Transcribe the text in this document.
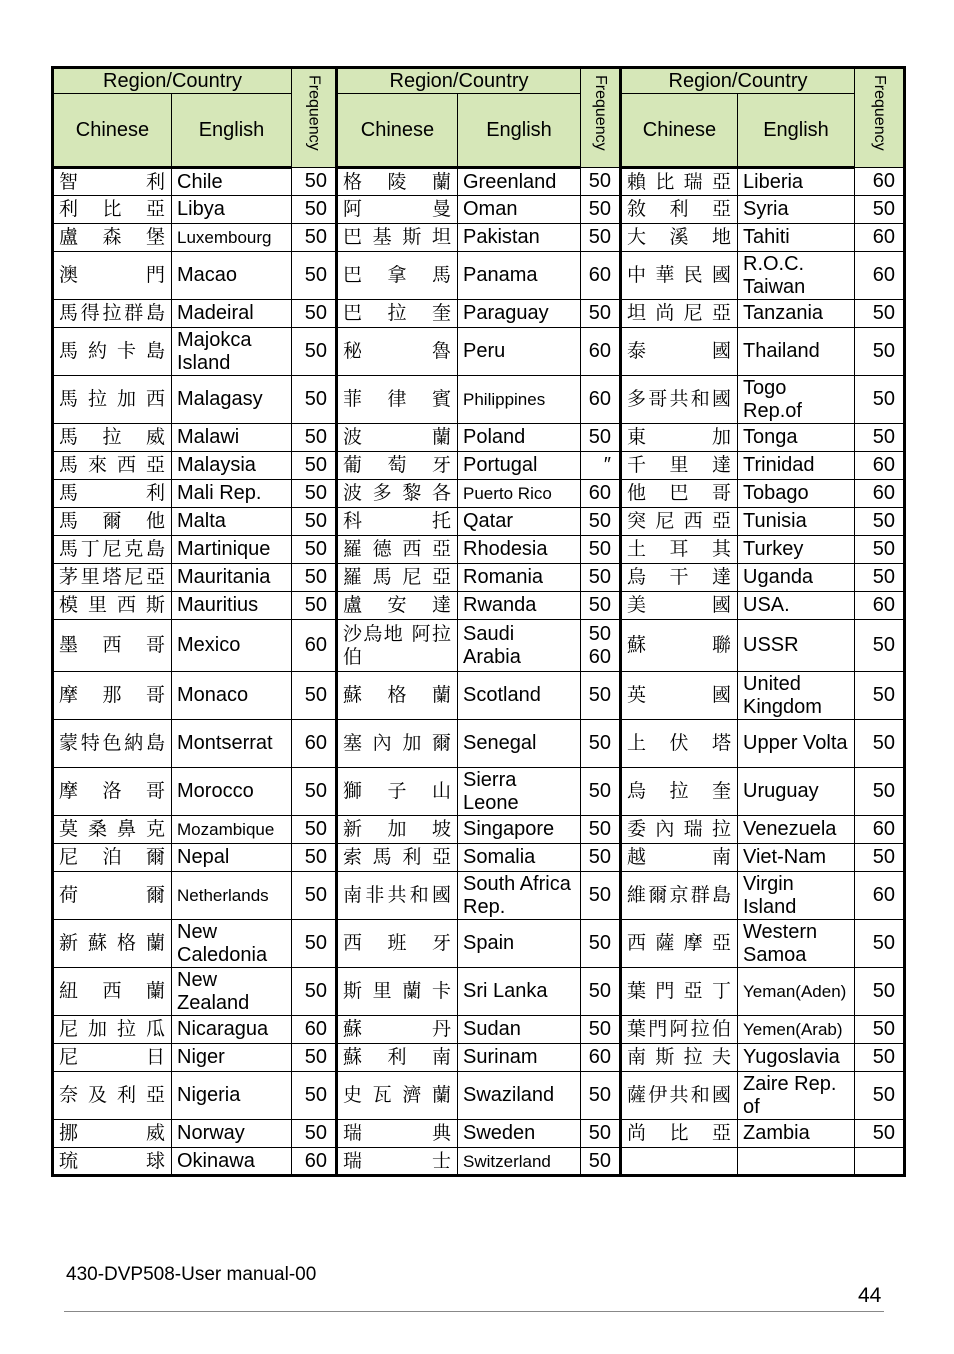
Region/Country		Frequency	Region/Country		Frequency	Region/Country		Frequency
Chinese	English		Chinese	English		Chinese	English	
智利	Chile	50	格陵蘭	Greenland	50	賴比瑞亞	Liberia	60
利比亞	Libya	50	阿曼	Oman	50	敘利亞	Syria	50
盧森堡	Luxembourg	50	巴基斯坦	Pakistan	50	大溪地	Tahiti	60
澳門	Macao	50	巴拿馬	Panama	60	中華民國	R.O.C. Taiwan	60
馬得拉群島	Madeiral	50	巴拉奎	Paraguay	50	坦尚尼亞	Tanzania	50
馬約卡島	Majokca Island	50	秘魯	Peru	60	泰國	Thailand	50
馬拉加西	Malagasy	50	菲律賓	Philippines	60	多哥共和國	Togo Rep.of	50
馬拉威	Malawi	50	波蘭	Poland	50	東加	Tonga	50
馬來西亞	Malaysia	50	葡萄牙	Portugal	″	千里達	Trinidad	60
馬利	Mali Rep.	50	波多黎各	Puerto Rico	60	他巴哥	Tobago	60
馬爾他	Malta	50	科托	Qatar	50	突尼西亞	Tunisia	50
馬丁尼克島	Martinique	50	羅德西亞	Rhodesia	50	土耳其	Turkey	50
茅里塔尼亞	Mauritania	50	羅馬尼亞	Romania	50	烏干達	Uganda	50
模里西斯	Mauritius	50	盧安達	Rwanda	50	美國	USA.	60
墨西哥	Mexico	60	沙烏地 阿拉伯	Saudi Arabia	50 60	蘇聯	USSR	50
摩那哥	Monaco	50	蘇格蘭	Scotland	50	英國	United Kingdom	50
蒙特色納島	Montserrat	60	塞內加爾	Senegal	50	上伏塔	Upper Volta	50
摩洛哥	Morocco	50	獅子山	Sierra Leone	50	烏拉奎	Uruguay	50
莫桑鼻克	Mozambique	50	新加坡	Singapore	50	委內瑞拉	Venezuela	60
尼泊爾	Nepal	50	索馬利亞	Somalia	50	越南	Viet-Nam	50
荷爾	Netherlands	50	南非共和國	South Africa Rep.	50	維爾京群島	Virgin Island	60
新蘇格蘭	New Caledonia	50	西班牙	Spain	50	西薩摩亞	Western Samoa	50
紐西蘭	New Zealand	50	斯里蘭卡	Sri Lanka	50	葉門亞丁	Yeman(Aden)	50
尼加拉瓜	Nicaragua	60	蘇丹	Sudan	50	葉門阿拉伯	Yemen(Arab)	50
尼日	Niger	50	蘇利南	Surinam	60	南斯拉夫	Yugoslavia	50
奈及利亞	Nigeria	50	史瓦濟蘭	Swaziland	50	薩伊共和國	Zaire Rep. of	50
挪威	Norway	50	瑞典	Sweden	50	尚比亞	Zambia	50
琉球	Okinawa	60	瑞士	Switzerland	50			
430-DVP508-User manual-00
44
